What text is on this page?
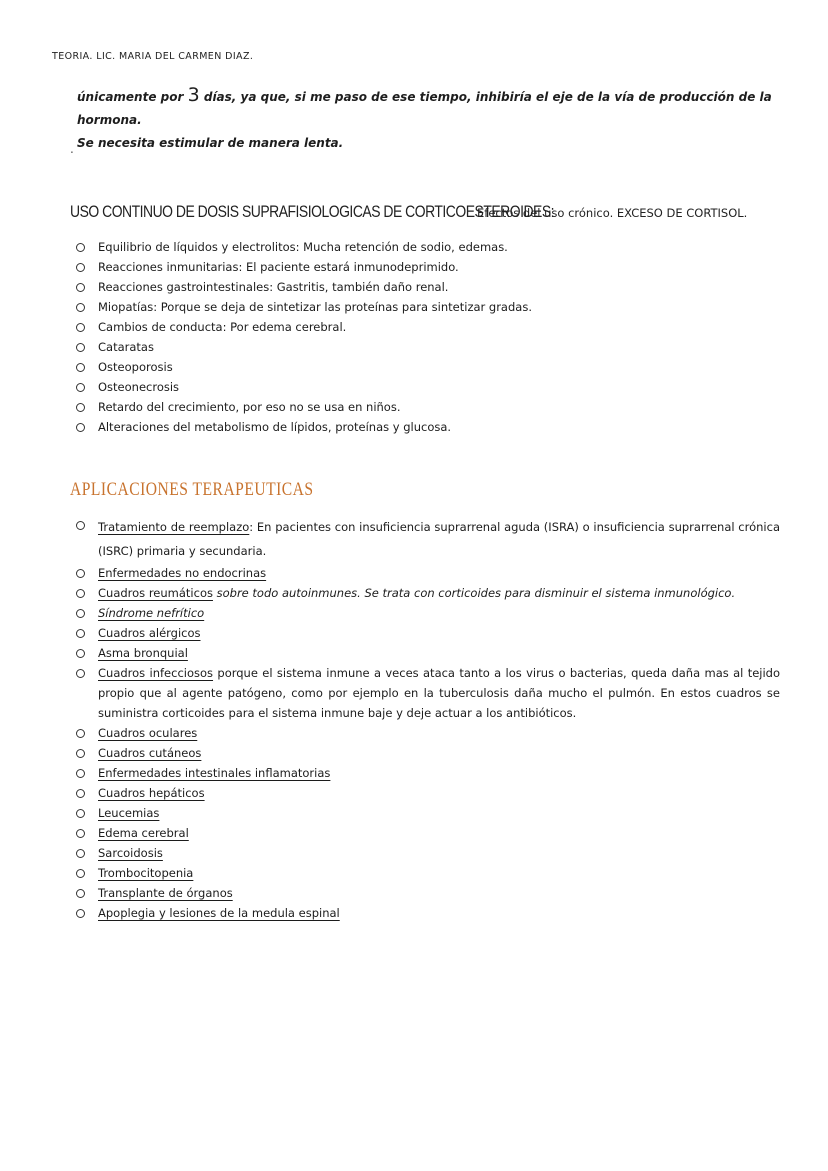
TEORIA. LIC. MARIA DEL CARMEN DIAZ.

únicamente por 3 días, ya que, si me paso de ese tiempo, inhibiría el eje de la vía de producción de la hormona.

Se necesita estimular de manera lenta.

.
USO CONTINUO DE DOSIS SUPRAFISIOLOGICAS DE CORTICOESTEROIDES:
Efectos del uso crónico. EXCESO DE CORTISOL.
Equilibrio de líquidos y electrolitos: Mucha retención de sodio, edemas.
Reacciones inmunitarias: El paciente estará inmunodeprimido.
Reacciones gastrointestinales: Gastritis, también daño renal.
Miopatías: Porque se deja de sintetizar las proteínas para sintetizar gradas.
Cambios de conducta: Por edema cerebral.
Cataratas
Osteoporosis
Osteonecrosis
Retardo del crecimiento, por eso no se usa en niños.
Alteraciones del metabolismo de lípidos, proteínas y glucosa.
APLICACIONES TERAPEUTICAS
Tratamiento de reemplazo: En pacientes con insuficiencia suprarrenal aguda (ISRA) o insuficiencia suprarrenal crónica (ISRC) primaria y secundaria.
Enfermedades no endocrinas
Cuadros reumáticos sobre todo autoinmunes. Se trata con corticoides para disminuir el sistema inmunológico.
Síndrome nefrítico
Cuadros alérgicos
Asma bronquial
Cuadros infecciosos porque el sistema inmune a veces ataca tanto a los virus o bacterias, queda daña mas al tejido propio que al agente patógeno, como por ejemplo en la tuberculosis daña mucho el pulmón. En estos cuadros se suministra corticoides para el sistema inmune baje y deje actuar a los antibióticos.
Cuadros oculares
Cuadros cutáneos
Enfermedades intestinales inflamatorias
Cuadros hepáticos
Leucemias
Edema cerebral
Sarcoidosis
Trombocitopenia
Transplante de órganos
Apoplegia y lesiones de la medula espinal
